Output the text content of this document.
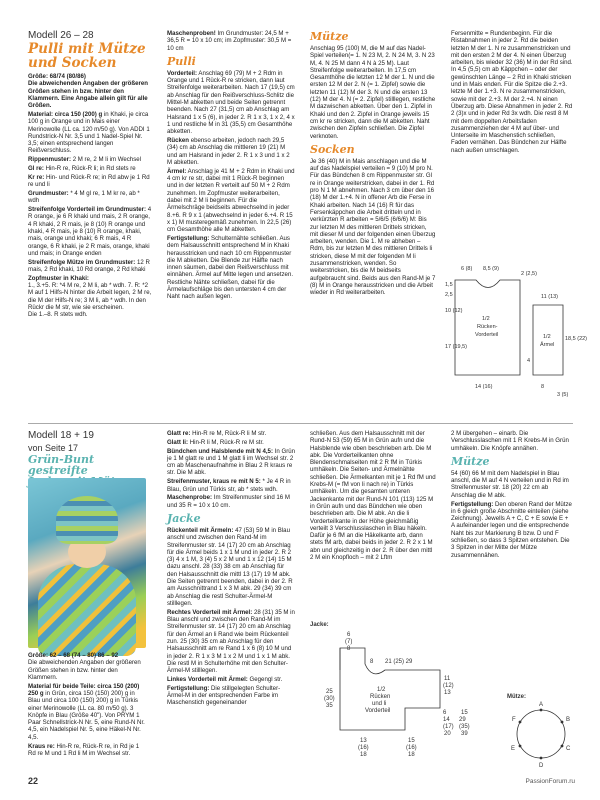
Modell 26 – 28
Pulli mit Mütze
und Socken

Größe: 68/74 (80/86)
Die abweichenden Angaben der größeren Größen stehen in bzw. hinter den Klammern. Eine Angabe allein gilt für alle Größen.

Material: circa 150 (200) g in Khaki, je circa 100 g in Orange und in Mais einer Merinowolle (LL ca. 120 m/50 g). Von ADDI 1 Rundstrick-N Nr. 3,5 und 1 Nadel-Spiel Nr. 3,5; einen entsprechend langen Reißverschluss.

Rippenmuster: 2 M re, 2 M li im Wechsel

Gl re: Hin-R re, Rück-R li; in Rd stets re

Kr re: Hin- und Rück-R re; in Rd abw je 1 Rd re und li

Grundmuster: * 4 M gl re, 1 M kr re, ab * wdh

Streifenfolge Vorderteil im Grundmuster: 4 R orange, je 6 R khaki und mais, 2 R orange, 4 R khaki, 2 R mais, je 8 (10) R orange und khaki, 4 R mais, je 8 (10) R orange, khaki, mais, orange und khaki; 6 R mais, 4 R orange, 6 R khaki, je 2 R mais, orange, khaki und mais; in Orange enden

Streifenfolge Mütze im Grundmuster: 12 R mais, 2 Rd khaki, 10 Rd orange, 2 Rd khaki

Zopfmuster in Khaki:
1., 3.+5. R: *4 M re, 2 M li, ab * wdh. 7. R: *2 M auf 1 Hilfs-N hinter die Arbeit legen, 2 M re, die M der Hilfs-N re; 3 M li, ab * wdh. In den Rückr die M str, wie sie erscheinen.
Die 1.–8. R stets wdh.

Maschenproben! Im Grundmuster: 24,5 M + 36,5 R = 10 x 10 cm; im Zopfmuster: 30,5 M = 10 cm

Pulli

Vorderteil: Anschlag 69 (79) M + 2 Rdm in Orange und 1 Rück-R re stricken, dann laut Streifenfolge weiterarbeiten. Nach 17 (19,5) cm ab Anschlag für den Reißverschluss-Schlitz die Mittel-M abketten und beide Seiten getrennt beenden. Nach 27 (31,5) cm ab Anschlag am Halsrand 1 x 5 (6), in jeder 2. R 1 x 3, 1 x 2, 4 x 1 und restliche M in 31 (35,5) cm Gesamthöhe abketten.

Rücken ebenso arbeiten, jedoch nach 29,5 (34) cm ab Anschlag die mittleren 19 (21) M und am Halsrand in jeder 2. R 1 x 3 und 1 x 2 M abketten.

Ärmel: Anschlag je 41 M + 2 Rdm in Khaki und 4 cm kr re str, dabei mit 1 Rück-R beginnen und in der letzten R verteilt auf 50 M + 2 Rdm zunehmen. Im Zopfmuster weiterarbeiten, dabei mit 2 M li beginnen. Für die Ärmelschräge beidseits abwechselnd in jeder 8.+6. R 9 x 1 (abwechselnd in jeder 6.+4. R 15 x 1) M musteregemäß zunehmen. In 22,5 (26) cm Gesamthöhe alle M abketten.

Fertigstellung: Schulternähte schließen. Aus dem Halsausschnitt entsprechend M in Khaki herausstricken und nach 10 cm Rippenmuster die M abketten. Die Blende zur Hälfte nach innen säumen, dabei den Reißverschluss mit einnähen. Ärmel auf Mitte legen und ansetzen. Restliche Nähte schließen, dabei für die Ärmelaufschläge bis den untersten 4 cm der Naht nach außen legen.

Mütze

Anschlag 95 (100) M, die M auf das Nadel-Spiel verteilen(= 1. N 23 M, 2. N 24 M, 3. N 23 M, 4. N 25 M dann 4 N à 25 M). Laut Streifenfolge weiterarbeiten. In 17,5 cm Gesamthöhe die letzten 12 M der 1. N und die ersten 12 M der 2. N (= 1. Zipfel) sowie die letzten 11 (12) M der 3. N und die ersten 13 (12) M der 4. N (= 2. Zipfel) stilllegen, restliche M dazwischen abketten. Über den 1. Zipfel in Khaki und den 2. Zipfel in Orange jeweils 15 cm kr re stricken, dann die M abketten. Naht zwischen den Zipfeln schließen. Die Zipfel verknoten.

Socken

Je 36 (40) M in Mais anschlagen und die M auf das Nadelspiel verteilen = 9 (10) M pro N. Für das Bündchen 8 cm Rippenmuster str. Gl re in Orange weiterstricken, dabei in der 1. Rd pro N 1 M abnehmen. Nach 3 cm über den 16 (18) M der 1.+4. N in offener Arb die Ferse in Khaki arbeiten. Nach 14 (16) R für das Fersenkäppchen die Arbeit dritteln und in verkürzten R arbeiten = 5/6/5 (6/6/6) M: Bis zur letzten M des mittleren Drittels stricken, mit dieser M und der folgenden einen Überzug arbeiten, wenden. Die 1. M re abheben – Rdm, bis zur letzten M des mittleren Drittels li stricken, diese M mit der folgenden M li zusammenstricken, wenden. So weiterstricken, bis die M beidseits aufgebraucht sind. Beids aus den Rand-M je 7 (8) M in Orange herausstricken und die Arbeit wieder in Rd weiterarbeiten.

Fersenmitte = Rundenbeginn. Für die Ristabnahmen in jeder 2. Rd die beiden letzten M der 1. N re zusammenstricken und mit den ersten 2 M der 4. N einen Überzug arbeiten, bis wieder 32 (36) M in der Rd sind. In 4,5 (5,5) cm ab Käppchen – oder der gewünschten Länge – 2 Rd in Khaki stricken und in Mais enden. Für die Spitze die 2.+3. letzte M der 1.+3. N re zusammenstricken, sowie mit der 2.+3. M der 2.+4. N einen Überzug arb. Diese Abnahmen in jeder 2. Rd 2 (3)x und in jeder Rd 3x wdh. Die restl 8 M mit dem doppelten Arbeitsfaden zusammenziehen der 4 M auf über- und Unterseite im Maschenstich schließen, Faden vernähen. Das Bündchen zur Hälfte nach außen umschlagen.

6 (8) 8,5 (9)
2 (2,5)
1,5
2,5
10 (12)
17 (19,5)
1/2
Rücken-
Vorderteil
14 (16)
11 (13)
1/2
Ärmel
18,5 (22)
4
8
3 (5)
Modell 18 + 19
von Seite 17
Grün-Bunt gestreifte

Größe: 62 – 68 (74 – 80) 86 – 92
Die abweichenden Angaben der größeren Größen stehen in bzw. hinter den Klammern.

Material für beide Teile: circa 150 (200) 250 g in Grün, circa 150 (150) 200) g in Blau und circa 100 (150) 200) g in Türkis einer Merinowolle (LL ca. 80 m/50 g). 3 Knöpfe in Blau (Größe 40"). Von PRYM 1 Paar Schnellstrick-N Nr. 5, eine Rund-N Nr. 4,5, ein Nadelspiel Nr. 5, eine Häkel-N Nr. 4,5.

Kraus re: Hin-R re, Rück-R re, in Rd je 1 Rd re M und 1 Rd li M im Wechsel str.

Glatt re: Hin-R re M, Rück-R li M str.

Glatt li: Hin-R li M, Rück-R re M str.

Bündchen und Halsblende mit N 4,5: In Grün je 1 M glatt re und 1 M glatt li im Wechsel str. 2 cm ab Maschenaufnahme in Blau 2 R kraus re str. Die M abk.

Streifenmuster, kraus re mit N 5: * Je 4 R in Blau, Grün und Türkis str, ab * stets wdh.

Maschenprobe: Im Streifenmuster sind 16 M und 35 R = 10 x 10 cm.

Jacke

Rückenteil mit Ärmeln: 47 (53) 59 M in Blau anschl und zwischen den Rand-M im Streifenmuster str. 14 (17) 20 cm ab Anschlag für die Ärmel beids 1 x 1 M und in jeder 2. R 2 (3) 4 x 1 M, 3 (4) 5 x 2 M und 1 x 12 (14) 15 M dazu anschl. 28 (33) 38 cm ab Anschlag für den Halsausschnitt die mittl 13 (17) 19 M abk. Die Seiten getrennt beenden, dabei in der 2. R am Ausschnittrand 1 x 3 M abk. 29 (34) 39 cm ab Anschlag die restl Schulter-Ärmel-M stilllegen.

Rechtes Vorderteil mit Ärmel: 28 (31) 35 M in Blau anschl und zwischen den Rand-M im Streifenmuster str. 14 (17) 20 cm ab Anschlag für den Ärmel an li Rand wie beim Rückenteil zun. 25 (30) 35 cm ab Anschlag für den Halsausschnitt am re Rand 1 x 6 (8) 10 M und in jeder 2. R 1 x 3 M 1 x 2 M und 1 x 1 M abk. Die restl M in Schulterhöhe mit den Schulter-Ärmel-M stilllegen.

Linkes Vorderteil mit Ärmel: Gegengl str.

Fertigstellung: Die stillgelegten Schulter-Ärmel-M in der entsprechenden Farbe im Maschenstich gegeneinander

schließen. Aus dem Halsausschnitt mit der Rund-N 53 (59) 65 M in Grün aufn und die Halsblende wie oben beschrieben arb. Die M abk. Die Vorderteilkanten ohne Blendenschmalseiten mit 2 R fM in Türkis umhäkeln. Die Seiten- und Ärmelnähte schließen. Die Ärmelkanten mit je 1 Rd fM und Krebs-M (= fM von li nach re) in Türkis umhäkeln. Um die gesamten unteren Jackenkante mit der Rund-N 101 (113) 125 M in Grün aufn und das Bündchen wie oben beschrieben arb. Die M abk. An die li Vorderteilkante in der Höhe gleichmäßig verteilt 3 Verschlusslaschen in Blau häkeln. Dafür je 6 fM an die Häkelkante arb, dann stets fM arb, dabei beids in jeder 2. R 2 x 1 M abn und gleichzeitig in der 2. R über den mittl 2 M ein Knopfloch – mit 2 Lftm

2 M übergehen – einarb. Die Verschlusslaschen mit 1 R Krebs-M in Grün umhäkeln. Die Knöpfe annähen.

Mütze

54 (60) 66 M mit dem Nadelspiel in Blau anschl, die M auf 4 N verteilen und in Rd im Streifenmuster str. 18 (20) 22 cm ab Anschlag die M abk.

Fertigstellung: Den oberen Rand der Mütze in 6 gleich große Abschnitte einteilen (siehe Zeichnung). Jewells A + C, C + E sowie E + A aufeinander legen und die entsprechende Naht bis zur Markierung B bzw. D und F schließen, so dass 3 Spitzen entstehen. Die 3 Spitzen in der Mitte der Mütze zusammennähen.

Jacke:
6
(7)
8
8 21 (25) 29
11
(12)
13
25
(30)
35
1/2
Rücken
und li
Vorderteil	6
14
(17)
20
15
29
(35)
39
13
(16)
18
15
(16)
18
Mütze:
A
B
C
D
E
F
22	PassionForum.ru
